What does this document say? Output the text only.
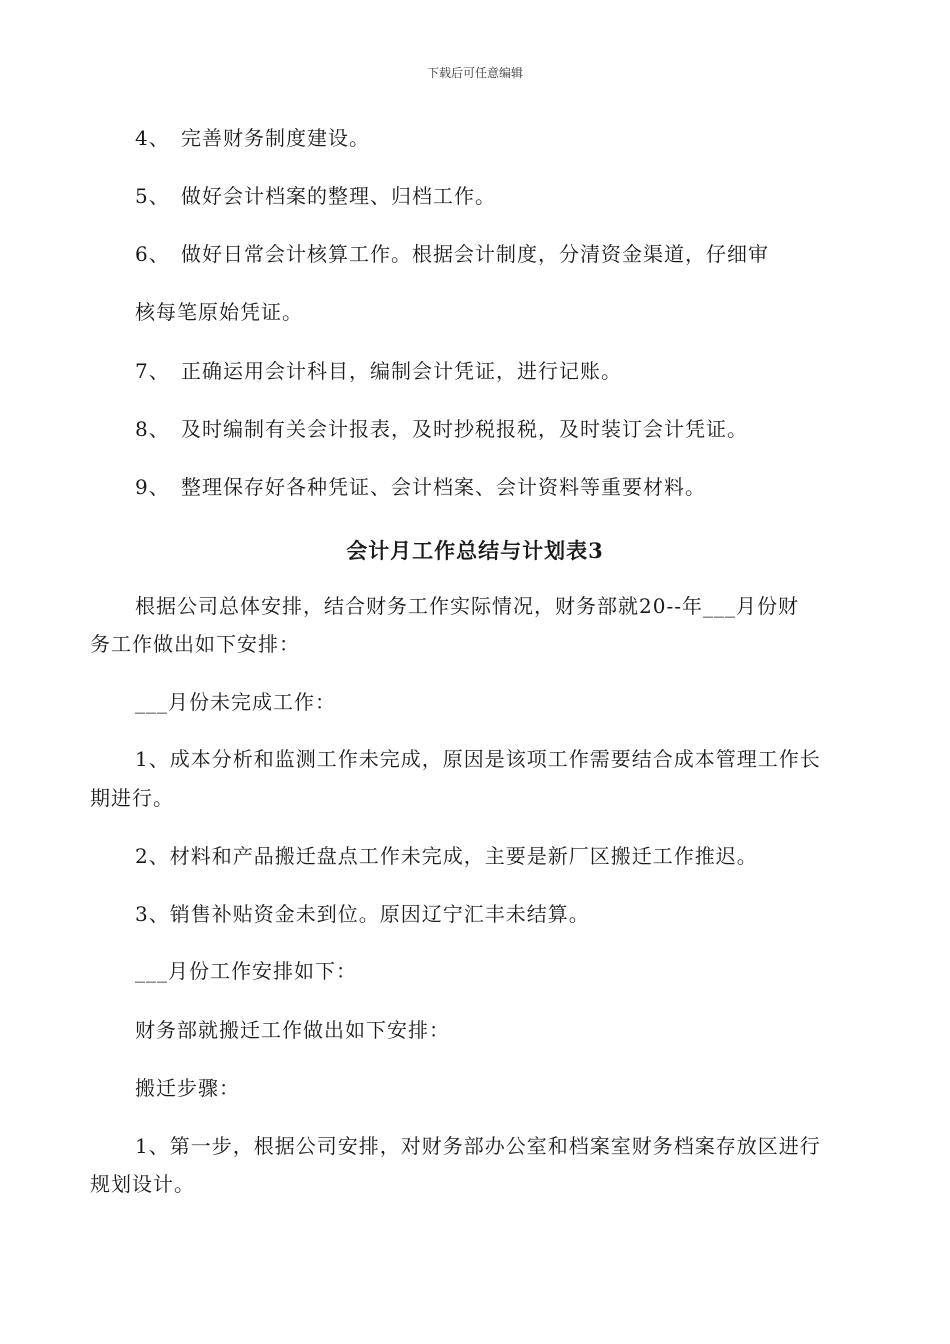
下载后可任意编辑
4、 完善财务制度建设。
5、 做好会计档案的整理、归档工作。
6、 做好日常会计核算工作。根据会计制度，分清资金渠道，仔细审
核每笔原始凭证。
7、 正确运用会计科目，编制会计凭证，进行记账。
8、 及时编制有关会计报表，及时抄税报税，及时装订会计凭证。
9、 整理保存好各种凭证、会计档案、会计资料等重要材料。
会计月工作总结与计划表3
根据公司总体安排，结合财务工作实际情况，财务部就20--年___月份财
务工作做出如下安排：
___月份未完成工作：
1、成本分析和监测工作未完成，原因是该项工作需要结合成本管理工作长
期进行。
2、材料和产品搬迁盘点工作未完成，主要是新厂区搬迁工作推迟。
3、销售补贴资金未到位。原因辽宁汇丰未结算。
___月份工作安排如下：
财务部就搬迁工作做出如下安排：
搬迁步骤：
1、第一步，根据公司安排，对财务部办公室和档案室财务档案存放区进行
规划设计。
